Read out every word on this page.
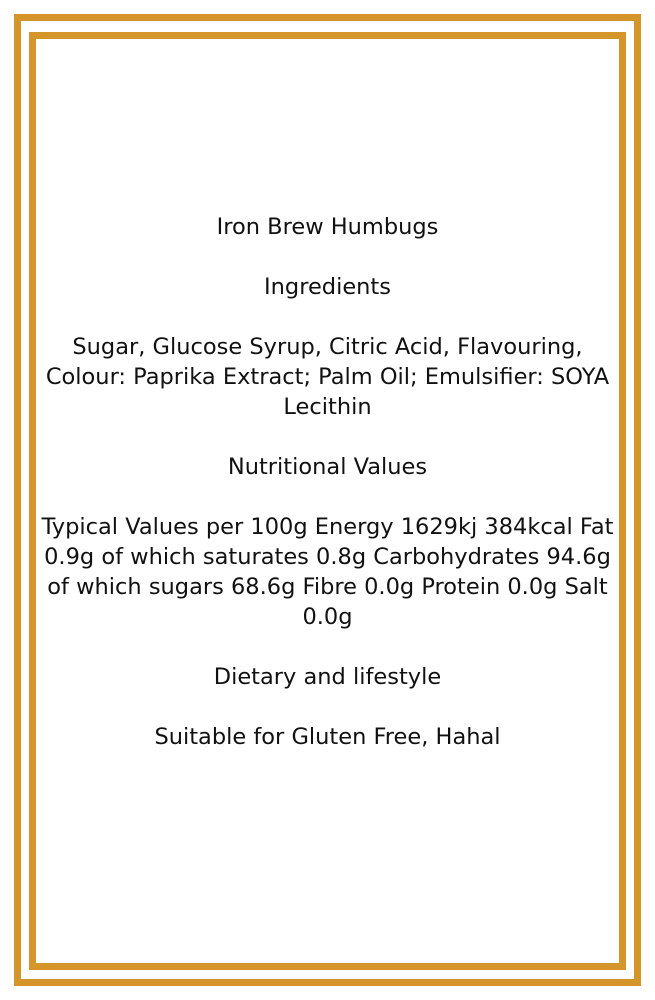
Iron Brew Humbugs

Ingredients

Sugar, Glucose Syrup, Citric Acid, Flavouring, Colour: Paprika Extract; Palm Oil; Emulsifier: SOYA Lecithin

Nutritional Values

Typical Values per 100g Energy 1629kj 384kcal Fat 0.9g of which saturates 0.8g Carbohydrates 94.6g of which sugars 68.6g Fibre 0.0g Protein 0.0g Salt 0.0g

Dietary and lifestyle

Suitable for Gluten Free, Hahal
